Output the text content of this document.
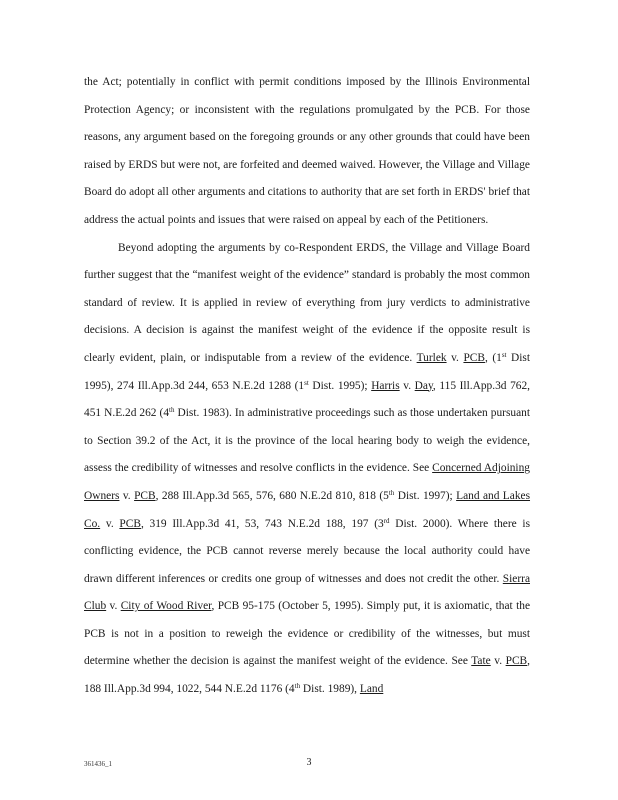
the Act; potentially in conflict with permit conditions imposed by the Illinois Environmental Protection Agency; or inconsistent with the regulations promulgated by the PCB. For those reasons, any argument based on the foregoing grounds or any other grounds that could have been raised by ERDS but were not, are forfeited and deemed waived. However, the Village and Village Board do adopt all other arguments and citations to authority that are set forth in ERDS' brief that address the actual points and issues that were raised on appeal by each of the Petitioners.

Beyond adopting the arguments by co-Respondent ERDS, the Village and Village Board further suggest that the “manifest weight of the evidence” standard is probably the most common standard of review. It is applied in review of everything from jury verdicts to administrative decisions. A decision is against the manifest weight of the evidence if the opposite result is clearly evident, plain, or indisputable from a review of the evidence. Turlek v. PCB, (1st Dist 1995), 274 Ill.App.3d 244, 653 N.E.2d 1288 (1st Dist. 1995); Harris v. Day, 115 Ill.App.3d 762, 451 N.E.2d 262 (4th Dist. 1983). In administrative proceedings such as those undertaken pursuant to Section 39.2 of the Act, it is the province of the local hearing body to weigh the evidence, assess the credibility of witnesses and resolve conflicts in the evidence. See Concerned Adjoining Owners v. PCB, 288 Ill.App.3d 565, 576, 680 N.E.2d 810, 818 (5th Dist. 1997); Land and Lakes Co. v. PCB, 319 Ill.App.3d 41, 53, 743 N.E.2d 188, 197 (3rd Dist. 2000). Where there is conflicting evidence, the PCB cannot reverse merely because the local authority could have drawn different inferences or credits one group of witnesses and does not credit the other. Sierra Club v. City of Wood River, PCB 95-175 (October 5, 1995). Simply put, it is axiomatic, that the PCB is not in a position to reweigh the evidence or credibility of the witnesses, but must determine whether the decision is against the manifest weight of the evidence. See Tate v. PCB, 188 Ill.App.3d 994, 1022, 544 N.E.2d 1176 (4th Dist. 1989), Land

361436_1	3
